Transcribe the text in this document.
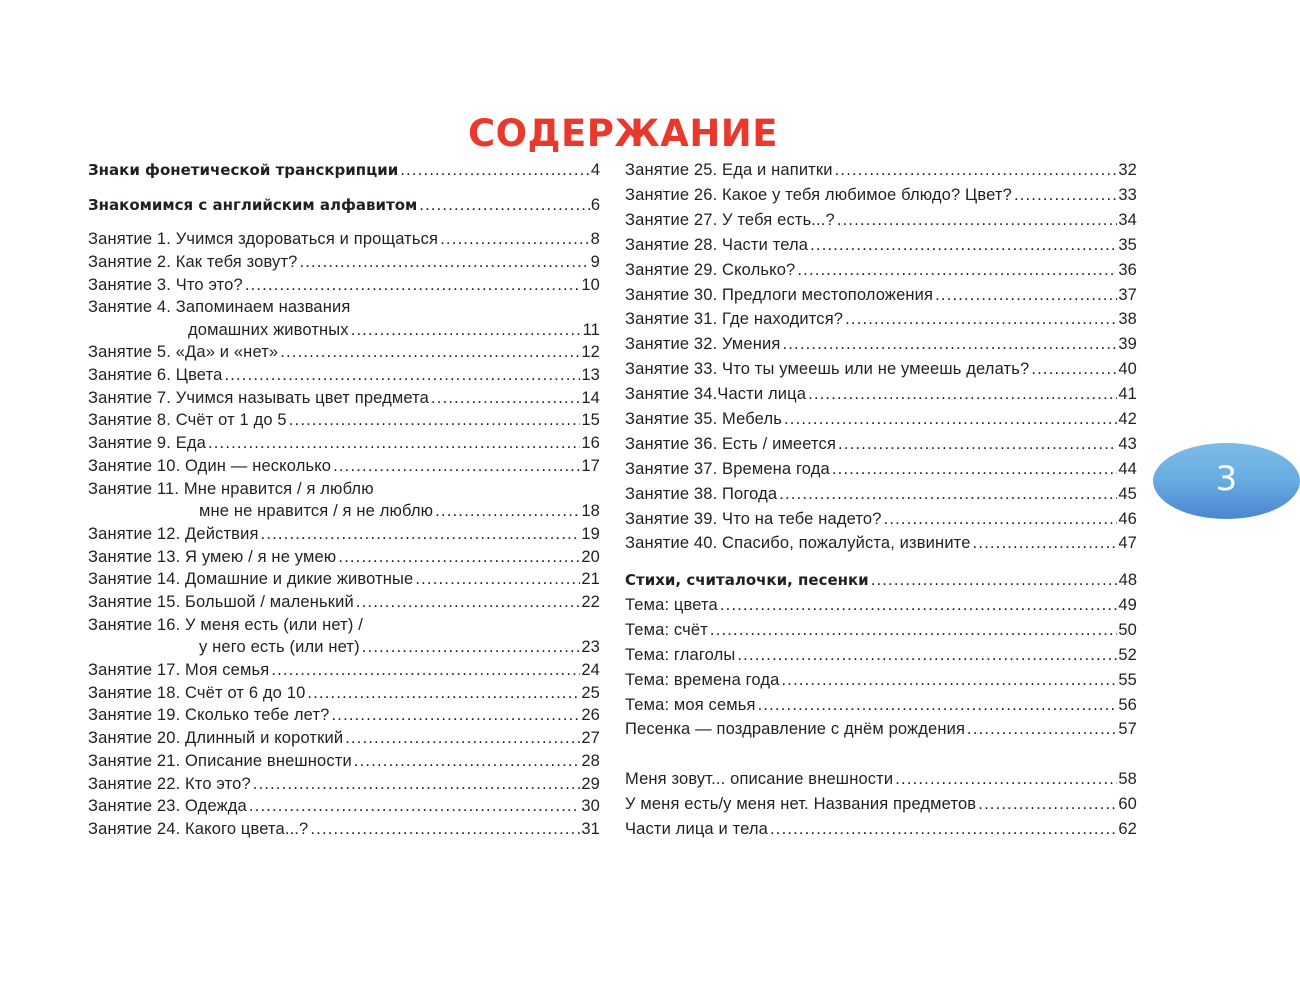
СОДЕРЖАНИЕ
Знаки фонетической транскрипции .....	4
Знакомимся с английским алфавитом .....	6
Занятие 1. Учимся здороваться и прощаться .....	8
Занятие 2. Как тебя зовут? .....	9
Занятие 3. Что это? .....	10
Занятие 4. Запоминаем названия
домашних животных .....	11
Занятие 5. «Да» и «нет» .....	12
Занятие 6. Цвета .....	13
Занятие 7. Учимся называть цвет предмета .....	14
Занятие 8. Счёт от 1 до 5 .....	15
Занятие 9. Еда .....	16
Занятие 10. Один — несколько .....	17
Занятие 11. Мне нравится / я люблю
мне не нравится / я не люблю .....	18
Занятие 12. Действия .....	19
Занятие 13. Я умею / я не умею .....	20
Занятие 14. Домашние и дикие животные .....	21
Занятие 15. Большой / маленький .....	22
Занятие 16. У меня есть (или нет) /
у него есть (или нет) .....	23
Занятие 17. Моя семья .....	24
Занятие 18. Счёт от 6 до 10 .....	25
Занятие 19. Сколько тебе лет? .....	26
Занятие 20. Длинный и короткий .....	27
Занятие 21. Описание внешности .....	28
Занятие 22. Кто это? .....	29
Занятие 23. Одежда .....	30
Занятие 24. Какого цвета...? .....	31
Занятие 25. Еда и напитки .....	32
Занятие 26. Какое у тебя любимое блюдо? Цвет? .....	33
Занятие 27. У тебя есть...? .....	34
Занятие 28. Части тела .....	35
Занятие 29. Сколько? .....	36
Занятие 30. Предлоги местоположения .....	37
Занятие 31. Где находится? .....	38
Занятие 32. Умения .....	39
Занятие 33. Что ты умеешь или не умеешь делать? .....	40
Занятие 34.Части лица .....	41
Занятие 35. Мебель .....	42
Занятие 36. Есть / имеется .....	43
Занятие 37. Времена года .....	44
Занятие 38. Погода .....	45
Занятие 39. Что на тебе надето? .....	46
Занятие 40. Спасибо, пожалуйста, извините .....	47
Стихи, считалочки, песенки .....	48
Тема: цвета .....	49
Тема: счёт .....	50
Тема: глаголы .....	52
Тема: времена года .....	55
Тема: моя семья .....	56
Песенка — поздравление с днём рождения .....	57
Меня зовут... описание внешности .....	58
У меня есть/у меня нет. Названия предметов .....	60
Части лица и тела .....	62
3
